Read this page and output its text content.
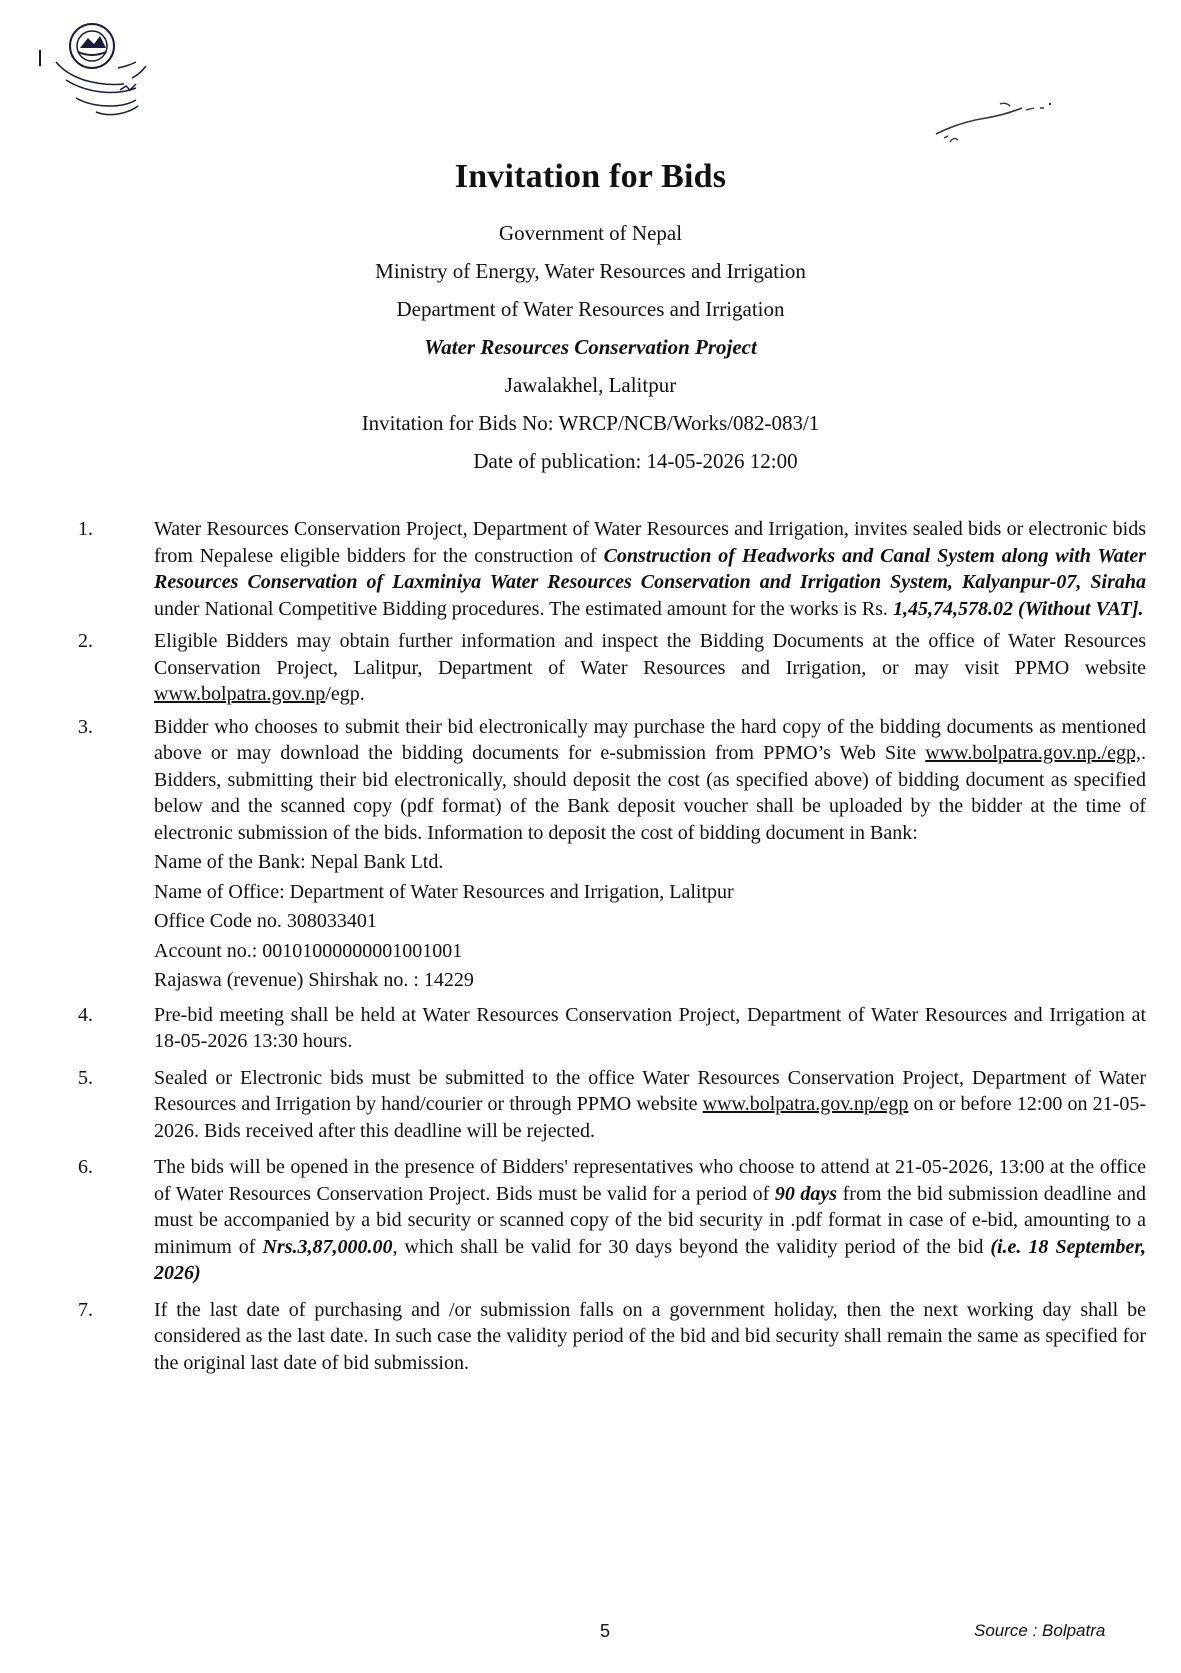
Invitation for Bids

Government of Nepal

Ministry of Energy, Water Resources and Irrigation

Department of Water Resources and Irrigation

Water Resources Conservation Project

Jawalakhel, Lalitpur

Invitation for Bids No: WRCP/NCB/Works/082-083/1

Date of publication: 14-05-2026 12:00

1.	Water Resources Conservation Project, Department of Water Resources and Irrigation, invites sealed bids or electronic bids from Nepalese eligible bidders for the construction of Construction of Headworks and Canal System along with Water Resources Conservation of Laxminiya Water Resources Conservation and Irrigation System, Kalyanpur-07, Siraha under National Competitive Bidding procedures. The estimated amount for the works is Rs. 1,45,74,578.02 (Without VAT].
2.	Eligible Bidders may obtain further information and inspect the Bidding Documents at the office of Water Resources Conservation Project, Lalitpur, Department of Water Resources and Irrigation, or may visit PPMO website www.bolpatra.gov.np/egp.
3.	Bidder who chooses to submit their bid electronically may purchase the hard copy of the bidding documents as mentioned above or may download the bidding documents for e-submission from PPMO’s Web Site www.bolpatra.gov.np./egp,. Bidders, submitting their bid electronically, should deposit the cost (as specified above) of bidding document as specified below and the scanned copy (pdf format) of the Bank deposit voucher shall be uploaded by the bidder at the time of electronic submission of the bids. Information to deposit the cost of bidding document in Bank:
Name of the Bank: Nepal Bank Ltd.
Name of Office: Department of Water Resources and Irrigation, Lalitpur
Office Code no. 308033401
Account no.: 00101000000001001001
Rajaswa (revenue) Shirshak no. : 14229
4.	Pre-bid meeting shall be held at Water Resources Conservation Project, Department of Water Resources and Irrigation at 18-05-2026 13:30 hours.
5.	Sealed or Electronic bids must be submitted to the office Water Resources Conservation Project, Department of Water Resources and Irrigation by hand/courier or through PPMO website www.bolpatra.gov.np/egp on or before 12:00 on 21-05-2026. Bids received after this deadline will be rejected.
6.	The bids will be opened in the presence of Bidders' representatives who choose to attend at 21-05-2026, 13:00 at the office of Water Resources Conservation Project. Bids must be valid for a period of 90 days from the bid submission deadline and must be accompanied by a bid security or scanned copy of the bid security in .pdf format in case of e-bid, amounting to a minimum of Nrs.3,87,000.00, which shall be valid for 30 days beyond the validity period of the bid (i.e. 18 September, 2026)
7.	If the last date of purchasing and /or submission falls on a government holiday, then the next working day shall be considered as the last date. In such case the validity period of the bid and bid security shall remain the same as specified for the original last date of bid submission.
5	Source : Bolpatra
